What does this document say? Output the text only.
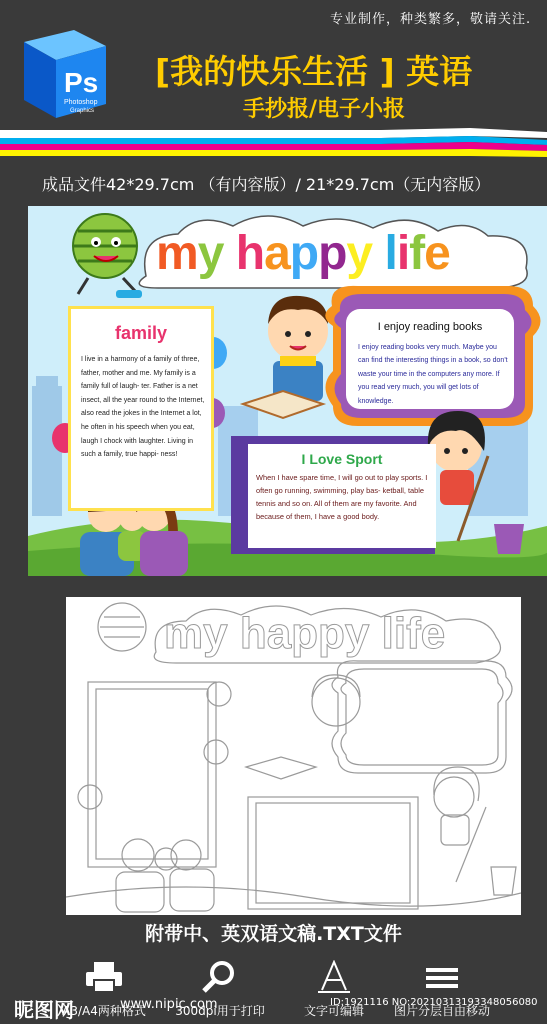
专业制作，种类繁多，敬请关注.
Ps
Photoshop
Graphics
[我的快乐生活 ] 英语
手抄报/电子小报
成品文件42*29.7cm （有内容版）/ 21*29.7cm（无内容版）
my happy life
family
I live in a harmony of a family of three, father, mother and me. My family is a family full of laugh- ter. Father is a net insect, all the year round to the Internet, also read the jokes in the Internet a lot, he often in his speech when you eat, laugh I chock with laughter. Living in such a family, true happi- ness!
I enjoy reading books
I enjoy reading books very much. Maybe you can find the interesting things in a book, so don't waste your time in the computers any more. If you read very much, you will get lots of knowledge.
I Love Sport
When I have spare time, I will go out to play sports. I often go running, swimming, play bas- ketball, table tennis and so on. All of them are my favorite. And because of them, I have a good body.
my happy life
附带中、英双语文稿.TXT文件
A3/A4两种格式	300dpi用于打印	文字可编辑	图片分层自由移动
昵图网	www.nipic.com	ID:1921116 NO:20210313193348056080
